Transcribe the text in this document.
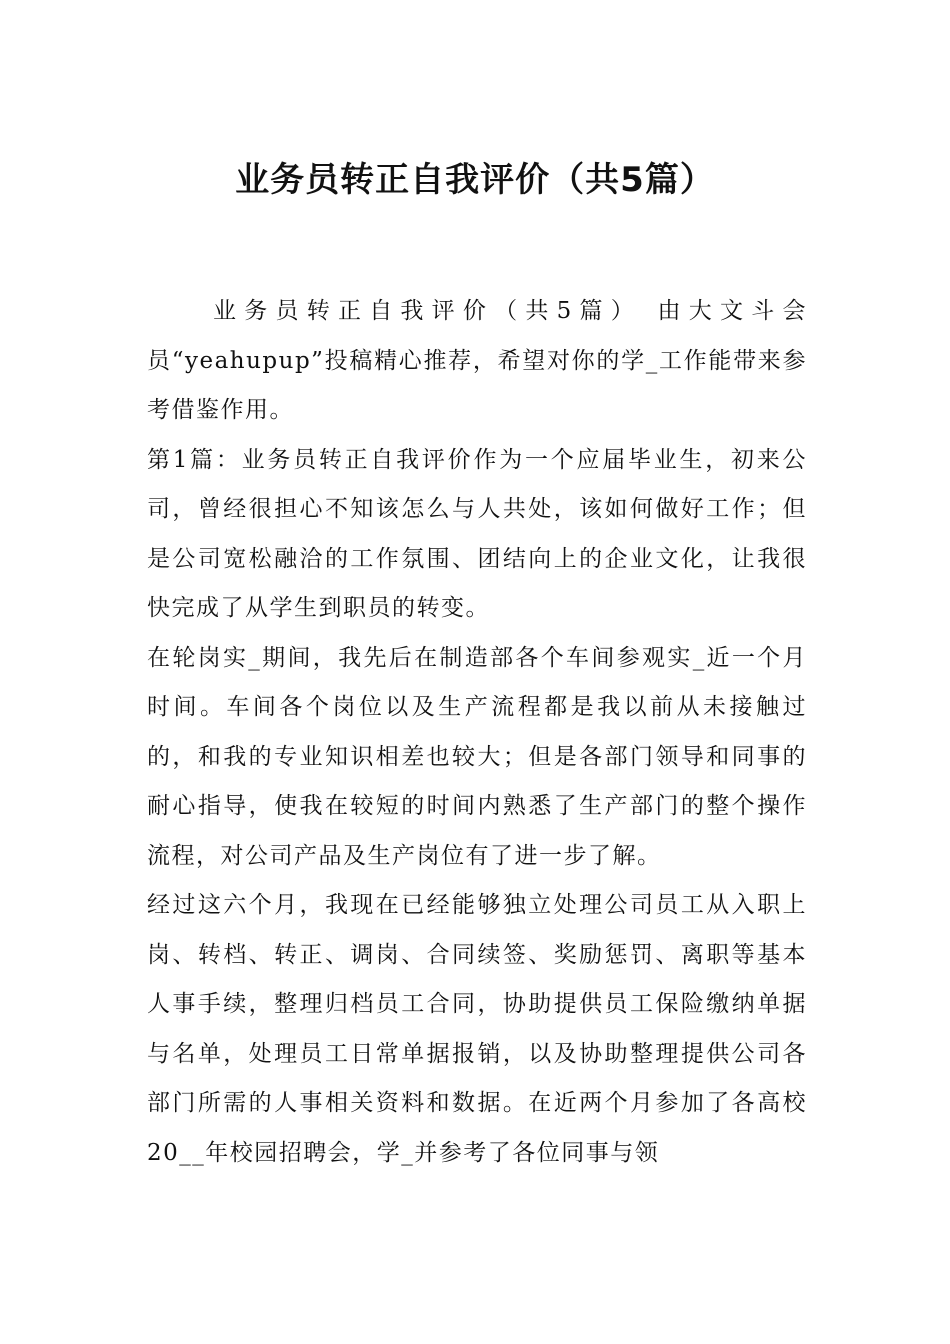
业务员转正自我评价（共5篇）

业务员转正自我评价（共5篇） 由大文斗会员“yeahupup”投稿精心推荐，希望对你的学_工作能带来参考借鉴作用。

第1篇：业务员转正自我评价作为一个应届毕业生，初来公司，曾经很担心不知该怎么与人共处，该如何做好工作；但是公司宽松融洽的工作氛围、团结向上的企业文化，让我很快完成了从学生到职员的转变。

在轮岗实_期间，我先后在制造部各个车间参观实_近一个月时间。车间各个岗位以及生产流程都是我以前从未接触过的，和我的专业知识相差也较大；但是各部门领导和同事的耐心指导，使我在较短的时间内熟悉了生产部门的整个操作流程，对公司产品及生产岗位有了进一步了解。

经过这六个月，我现在已经能够独立处理公司员工从入职上岗、转档、转正、调岗、合同续签、奖励惩罚、离职等基本人事手续，整理归档员工合同，协助提供员工保险缴纳单据与名单，处理员工日常单据报销，以及协助整理提供公司各部门所需的人事相关资料和数据。在近两个月参加了各高校20__年校园招聘会，学_并参考了各位同事与领
